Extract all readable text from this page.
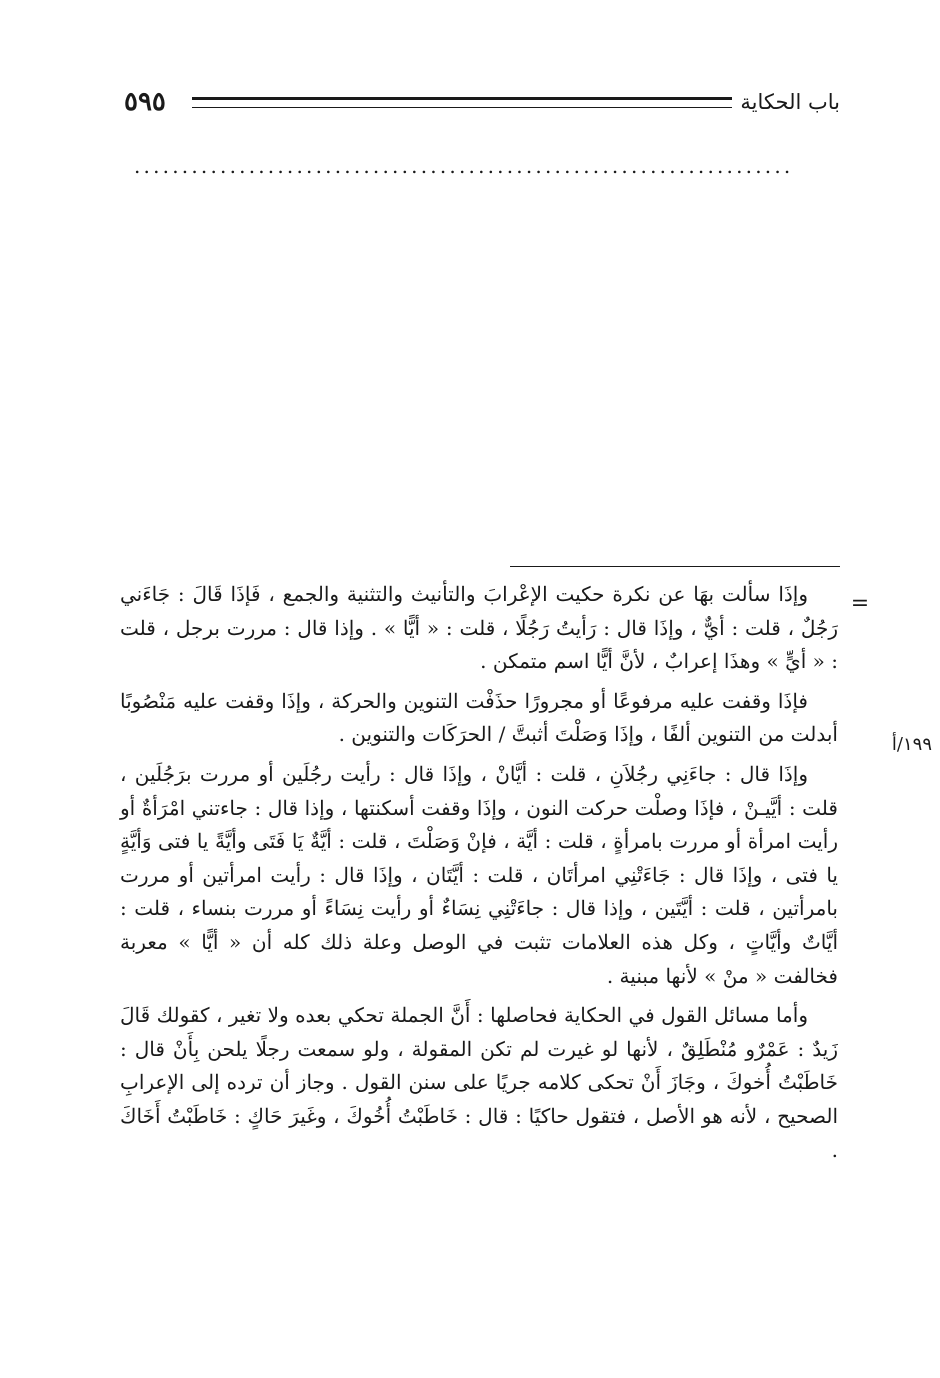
٥٩٥	باب الحكاية
.....................................................................
=
١٩٩/أ

وإذَا سألت بهَا عن نكرة حكيت الإعْرابَ والتأنيث والتثنية والجمع ، فَإذَا قَالَ : جَاءَني رَجُلٌ ، قلت : أيٌّ ، وإذَا قال : رَأيتُ رَجُلًا ، قلت : « أيًّا » . وإذا قال : مررت برجل ، قلت : « أيٍّ » وهذَا إعرابٌ ، لأنَّ أيًّا اسم متمكن .

فإذَا وقفت عليه مرفوعًا أو مجرورًا حذَفْت التنوين والحركة ، وإذَا وقفت عليه مَنْصُوبًا أبدلت من التنوين ألفًا ، وإذَا وَصَلْتَ أثبتَّ / الحرَكَات والتنوين .

وإذَا قال : جاءَنِي رجُلاَنِ ، قلت : أيَّانْ ، وإذَا قال : رأيت رجُلَين أو مررت برَجُلَين ، قلت : أيَّيـنْ ، فإذَا وصلْت حركت النون ، وإذَا وقفت أسكنتها ، وإذا قال : جاءتني امْرَأةٌ أو رأيت امرأة أو مررت بامرأةٍ ، قلت : أيَّة ، فإنْ وَصَلْتَ ، قلت : أيَّةٌ يَا فَتَى وأيَّةً يا فتى وَأيَّةٍ يا فتى ، وإذَا قال : جَاءَتْنِي امرأتَان ، قلت : أيَّتَان ، وإذَا قال : رأيت امرأتين أو مررت بامرأتين ، قلت : أيَّتَين ، وإذا قال : جاءَتْنِي نِسَاءٌ أو رأيت نِسَاءً أو مررت بنساء ، قلت : أيَّاتٌ وأيَّاتٍ ، وكل هذه العلامات تثبت في الوصل وعلة ذلك كله أن « أيًّا » معربة فخالفت « منْ » لأنها مبنية .

وأما مسائل القول في الحكاية فحاصلها : أَنَّ الجملة تحكي بعده ولا تغير ، كقولك قَالَ زَيدٌ : عَمْرٌو مُنْطَلِقٌ ، لأنها لو غيرت لم تكن المقولة ، ولو سمعت رجلًا يلحن بِأَنْ قال : خَاطَبْتُ أُخوكَ ، وجَازَ أَنْ تحكى كلامه جريًا على سنن القول . وجاز أن ترده إلى الإعرابِ الصحيح ، لأنه هو الأصل ، فتقول حاكيًا : قال : خَاطَبْتُ أُخُوكَ ، وغَيرَ حَاكٍ : خَاطَبْتُ أَخَاكَ .
